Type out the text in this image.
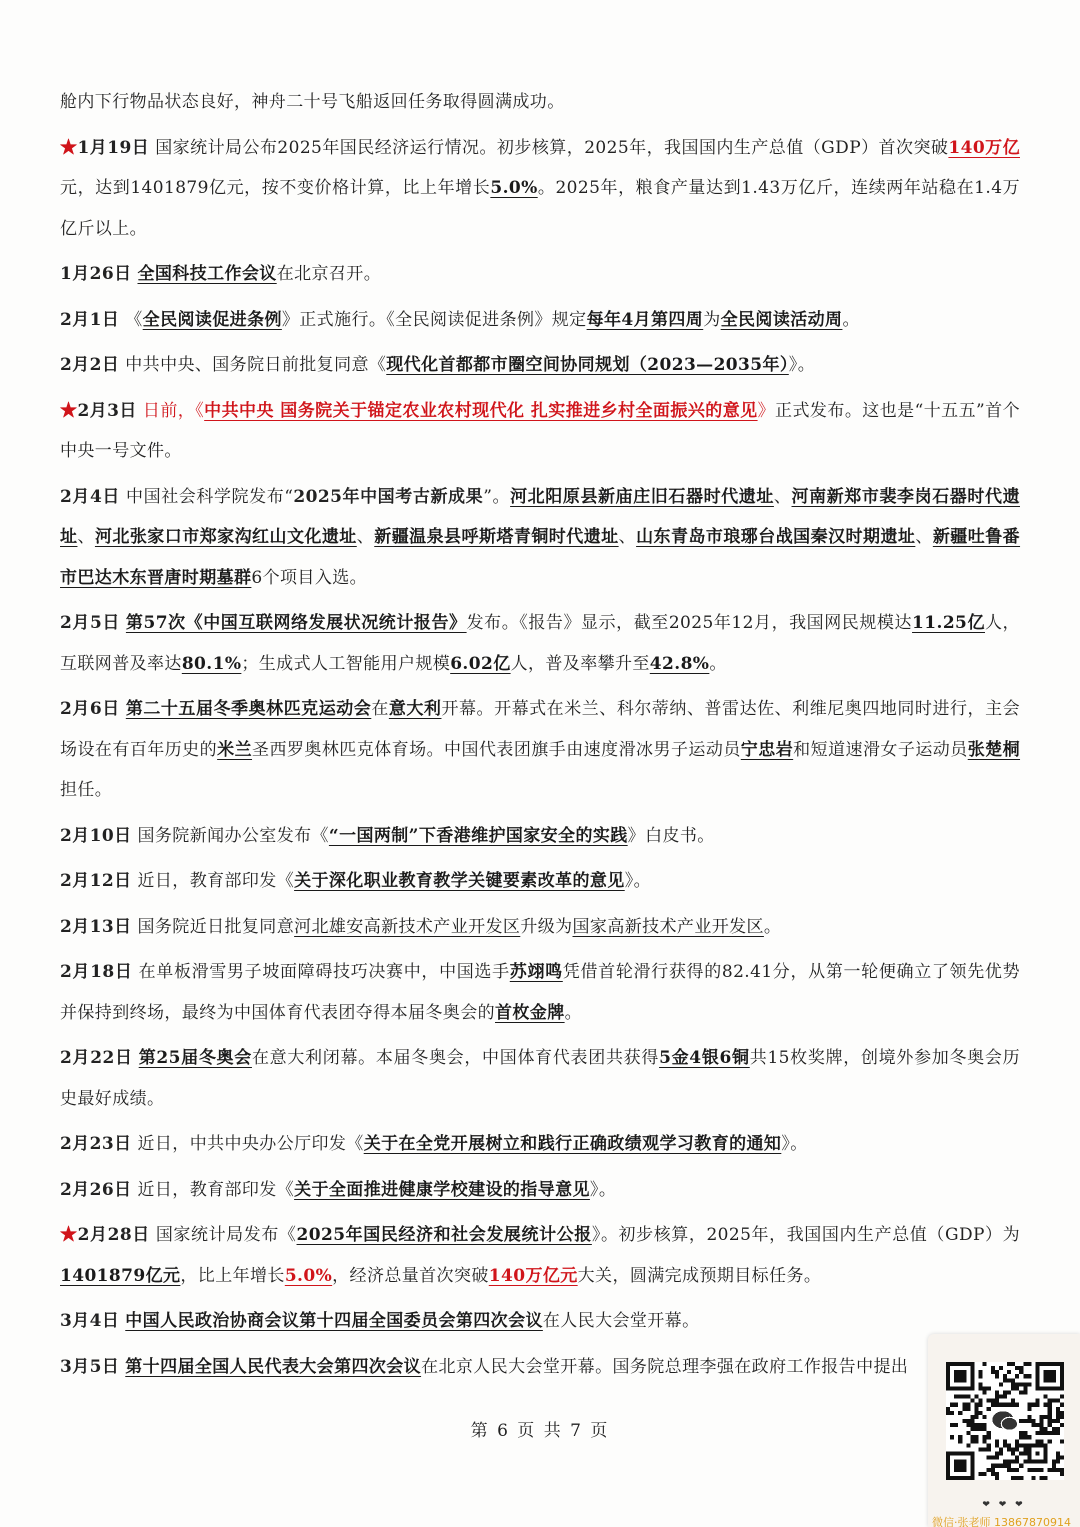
舱内下行物品状态良好，神舟二十号飞船返回任务取得圆满成功。

★1月19日 国家统计局公布2025年国民经济运行情况。初步核算，2025年，我国国内生产总值（GDP）首次突破140万亿元，达到1401879亿元，按不变价格计算，比上年增长5.0%。2025年，粮食产量达到1.43万亿斤，连续两年站稳在1.4万亿斤以上。

1月26日 全国科技工作会议在北京召开。

2月1日 《全民阅读促进条例》正式施行。《全民阅读促进条例》规定每年4月第四周为全民阅读活动周。

2月2日 中共中央、国务院日前批复同意《现代化首都都市圈空间协同规划（2023—2035年）》。

★2月3日 日前，《中共中央 国务院关于锚定农业农村现代化 扎实推进乡村全面振兴的意见》正式发布。这也是“十五五”首个中央一号文件。

2月4日 中国社会科学院发布“2025年中国考古新成果”。河北阳原县新庙庄旧石器时代遗址、河南新郑市裴李岗石器时代遗址、河北张家口市郑家沟红山文化遗址、新疆温泉县呼斯塔青铜时代遗址、山东青岛市琅琊台战国秦汉时期遗址、新疆吐鲁番市巴达木东晋唐时期墓群6个项目入选。

2月5日 第57次《中国互联网络发展状况统计报告》发布。《报告》显示，截至2025年12月，我国网民规模达11.25亿人，互联网普及率达80.1%；生成式人工智能用户规模6.02亿人，普及率攀升至42.8%。

2月6日 第二十五届冬季奥林匹克运动会在意大利开幕。开幕式在米兰、科尔蒂纳、普雷达佐、利维尼奥四地同时进行，主会场设在有百年历史的米兰圣西罗奥林匹克体育场。中国代表团旗手由速度滑冰男子运动员宁忠岩和短道速滑女子运动员张楚桐担任。

2月10日 国务院新闻办公室发布《“一国两制”下香港维护国家安全的实践》白皮书。

2月12日 近日，教育部印发《关于深化职业教育教学关键要素改革的意见》。

2月13日 国务院近日批复同意河北雄安高新技术产业开发区升级为国家高新技术产业开发区。

2月18日 在单板滑雪男子坡面障碍技巧决赛中，中国选手苏翊鸣凭借首轮滑行获得的82.41分，从第一轮便确立了领先优势并保持到终场，最终为中国体育代表团夺得本届冬奥会的首枚金牌。

2月22日 第25届冬奥会在意大利闭幕。本届冬奥会，中国体育代表团共获得5金4银6铜共15枚奖牌，创境外参加冬奥会历史最好成绩。

2月23日 近日，中共中央办公厅印发《关于在全党开展树立和践行正确政绩观学习教育的通知》。

2月26日 近日，教育部印发《关于全面推进健康学校建设的指导意见》。

★2月28日 国家统计局发布《2025年国民经济和社会发展统计公报》。初步核算，2025年，我国国内生产总值（GDP）为1401879亿元，比上年增长5.0%，经济总量首次突破140万亿元大关，圆满完成预期目标任务。

3月4日 中国人民政治协商会议第十四届全国委员会第四次会议在人民大会堂开幕。

3月5日 第十四届全国人民代表大会第四次会议在北京人民大会堂开幕。国务院总理李强在政府工作报告中提出

第 6 页 共 7 页
❤ ❤ ❤
微信·张老师 13867870914
